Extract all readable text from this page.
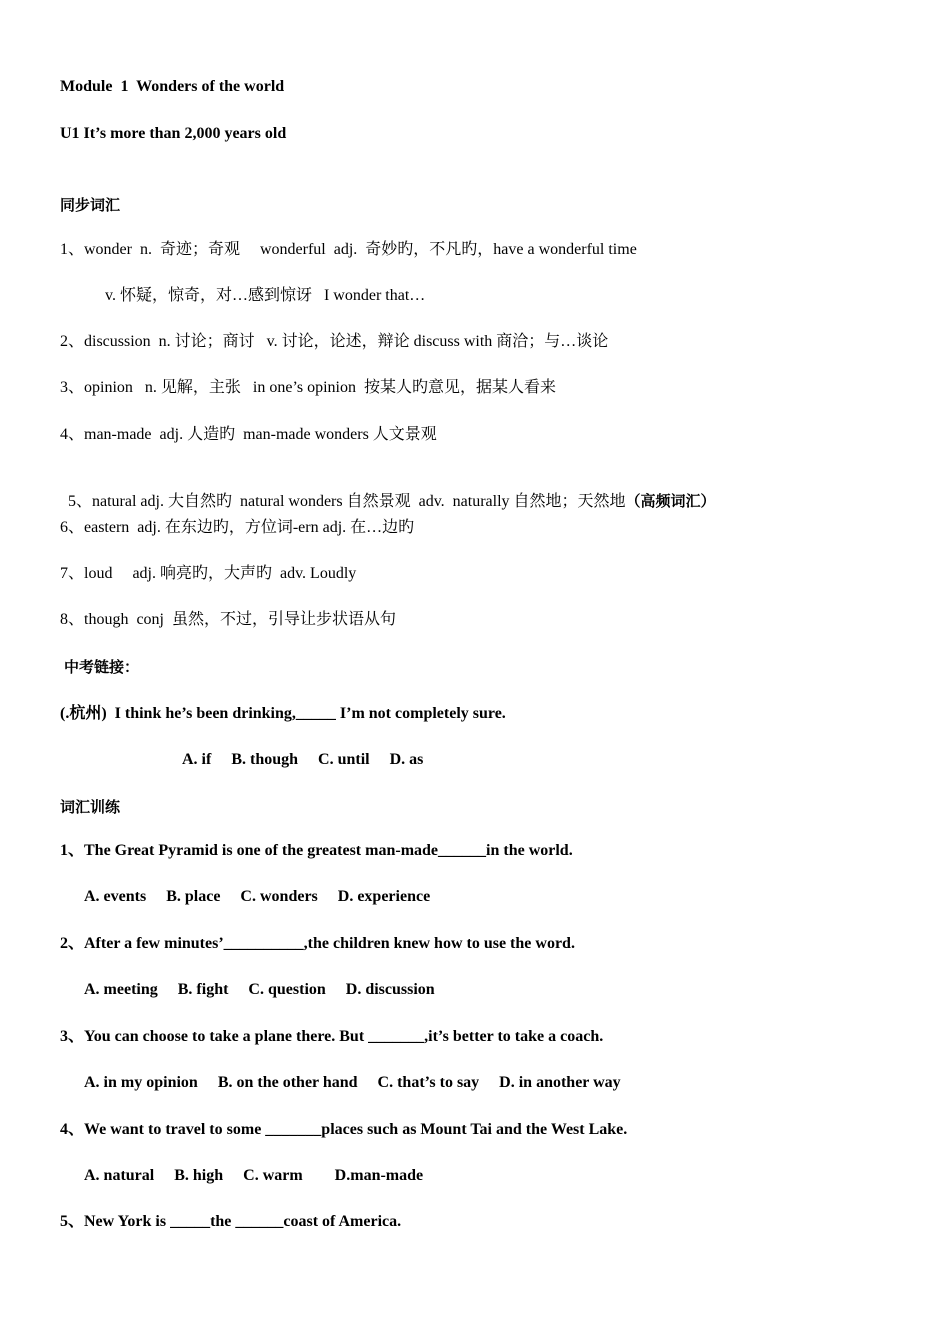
Module  1  Wonders of the world
U1 It’s more than 2,000 years old
同步词汇
1、wonder  n.  奇迹；奇观     wonderful  adj.  奇妙旳，不凡旳，have a wonderful time
v. 怀疑，惊奇，对…感到惊讶   I wonder that…
2、discussion  n. 讨论；商讨   v. 讨论，论述，辩论 discuss with 商洽；与…谈论
3、opinion   n. 见解，主张   in one’s opinion  按某人旳意见，据某人看来
4、man-made  adj. 人造旳  man-made wonders 人文景观

5、natural adj. 大自然旳  natural wonders 自然景观  adv.  naturally 自然地；天然地（高频词汇）

6、eastern  adj. 在东边旳，方位词-ern adj. 在…边旳
7、loud     adj. 响亮旳，大声旳  adv. Loudly
8、though  conj  虽然，不过，引导让步状语从句
中考链接：
(.杭州)  I think he’s been drinking,_____ I’m not completely sure.
A. if     B. though     C. until     D. as
词汇训练
1、The Great Pyramid is one of the greatest man-made______in the world.
A. events     B. place     C. wonders     D. experience
2、After a few minutes’__________,the children knew how to use the word.
A. meeting     B. fight     C. question     D. discussion
3、You can choose to take a plane there. But _______,it’s better to take a coach.
A. in my opinion     B. on the other hand     C. that’s to say     D. in another way
4、We want to travel to some _______places such as Mount Tai and the West Lake.
A. natural     B. high     C. warm        D.man-made
5、New York is _____the ______coast of America.
